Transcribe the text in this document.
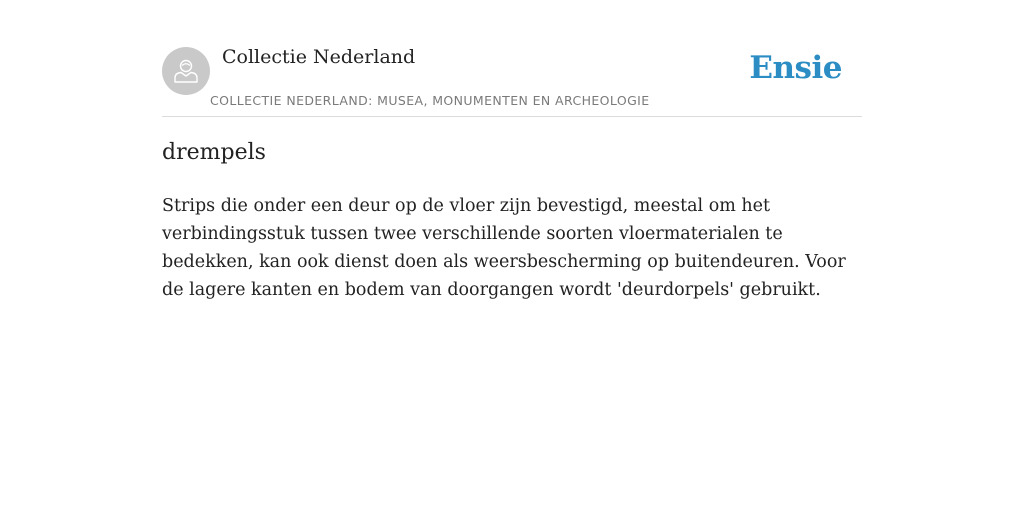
Collectie Nederland
COLLECTIE NEDERLAND: MUSEA, MONUMENTEN EN ARCHEOLOGIE
Ensie
drempels
Strips die onder een deur op de vloer zijn bevestigd, meestal om het verbindingsstuk tussen twee verschillende soorten vloermaterialen te bedekken, kan ook dienst doen als weersbescherming op buitendeuren. Voor de lagere kanten en bodem van doorgangen wordt 'deurdorpels' gebruikt.
